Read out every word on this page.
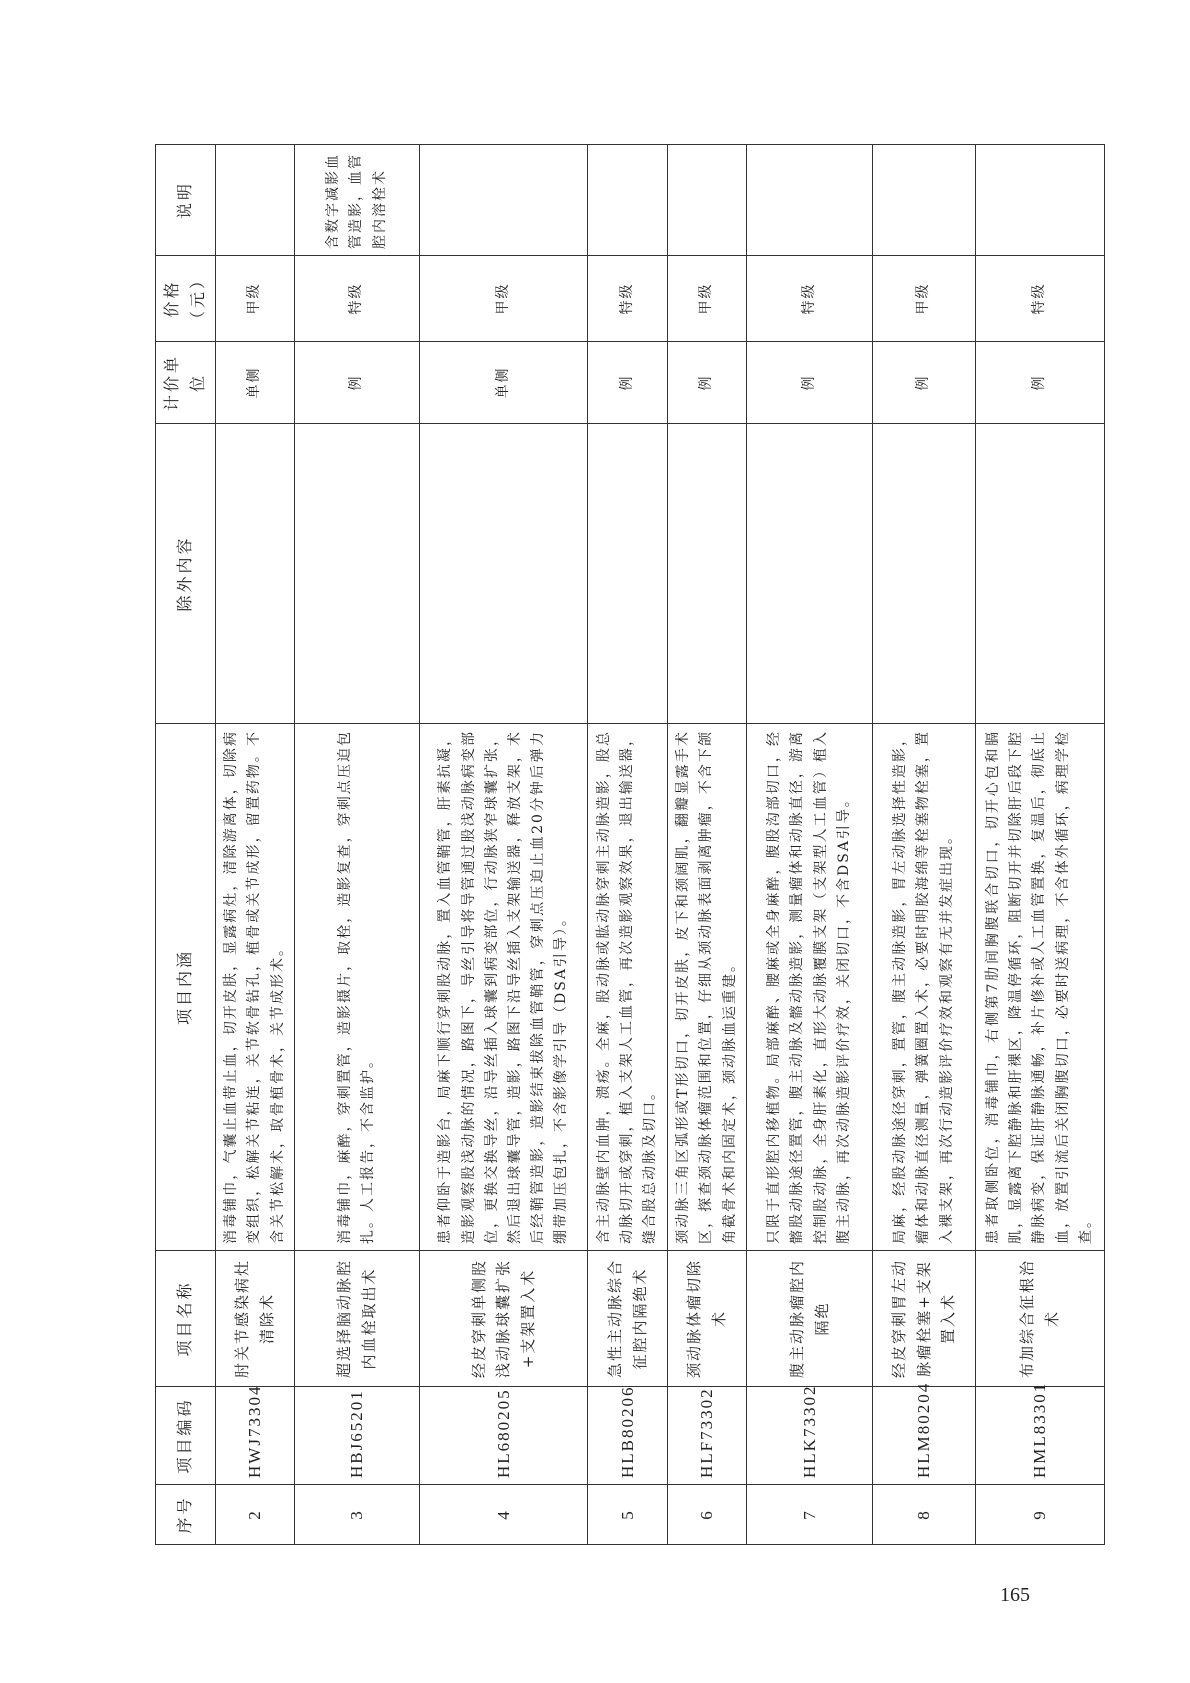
序号	项目编码	项目名称	项目内涵	除外内容	计价单位	价格（元）	说明
2	HWJ73304	肘关节感染病灶清除术	消毒铺巾，气囊止血带止血，切开皮肤，显露病灶，清除游离体，切除病变组织，松解关节粘连，关节软骨钻孔，植骨或关节成形，留置药物。不含关节松解术，取骨植骨术，关节成形术。		单侧	甲级	
3	HBJ65201	超选择脑动脉腔内血栓取出术	消毒铺巾，麻醉，穿刺置管，造影摄片，取栓，造影复查，穿刺点压迫包扎。人工报告，不含监护。		例	特级	含数字减影血管造影，血管腔内溶栓术
4	HL680205	经皮穿刺单侧股浅动脉球囊扩张+支架置入术	患者仰卧于造影台，局麻下顺行穿刺股动脉，置入血管鞘管，肝素抗凝，造影观察股浅动脉的情况，路图下，导丝引导将导管通过股浅动脉病变部位，更换交换导丝，沿导丝插入球囊到病变部位，行动脉狭窄球囊扩张，然后退出球囊导管，造影，路图下沿导丝插入支架输送器，释放支架，术后经鞘管造影，造影结束拔除血管鞘管，穿刺点压迫止血20分钟后弹力绷带加压包扎，不含影像学引导（DSA引导）。		单侧	甲级	
5	HLB80206	急性主动脉综合征腔内隔绝术	含主动脉壁内血肿，溃疡。全麻，股动脉或肱动脉穿刺主动脉造影，股总动脉切开或穿刺，植入支架人工血管，再次造影观察效果，退出输送器，缝合股总动脉及切口。		例	特级	
6	HLF73302	颈动脉体瘤切除术	颈动脉三角区弧形或T形切口，切开皮肤，皮下和颈阔肌，翻瓣显露手术区，探查颈动脉体瘤范围和位置，仔细从颈动脉表面剥离肿瘤，不含下颌角截骨术和内固定术，颈动脉血运重建。		例	甲级	
7	HLK73302	腹主动脉瘤腔内隔绝	只限于直形腔内移植物。局部麻醉、腰麻或全身麻醉，腹股沟部切口，经髂股动脉途径置管，腹主动脉及髂动脉造影，测量瘤体和动脉直径，游离控制股动脉，全身肝素化，直形大动脉覆膜支架（支架型人工血管）植入腹主动脉，再次动脉造影评价疗效，关闭切口，不含DSA引导。		例	特级	
8	HLM80204	经皮穿刺胃左动脉瘤栓塞+支架置入术	局麻，经股动脉途径穿刺，置管，腹主动脉造影，胃左动脉选择性造影，瘤体和动脉直径测量，弹簧圈置入术，必要时明胶海绵等栓塞物栓塞，置入裸支架，再次行动造影评价疗效和观察有无并发症出现。		例	甲级	
9	HML83301	布加综合征根治术	患者取侧卧位，消毒铺巾，右侧第7肋间胸腹联合切口，切开心包和膈肌，显露离下腔静脉和肝裸区，降温停循环，阻断切开并切除肝后段下腔静脉病变，保证肝静脉通畅，补片修补或人工血管置换，复温后，彻底止血，放置引流后关闭胸腹切口，必要时送病理，不含体外循环，病理学检查。		例	特级	
165
